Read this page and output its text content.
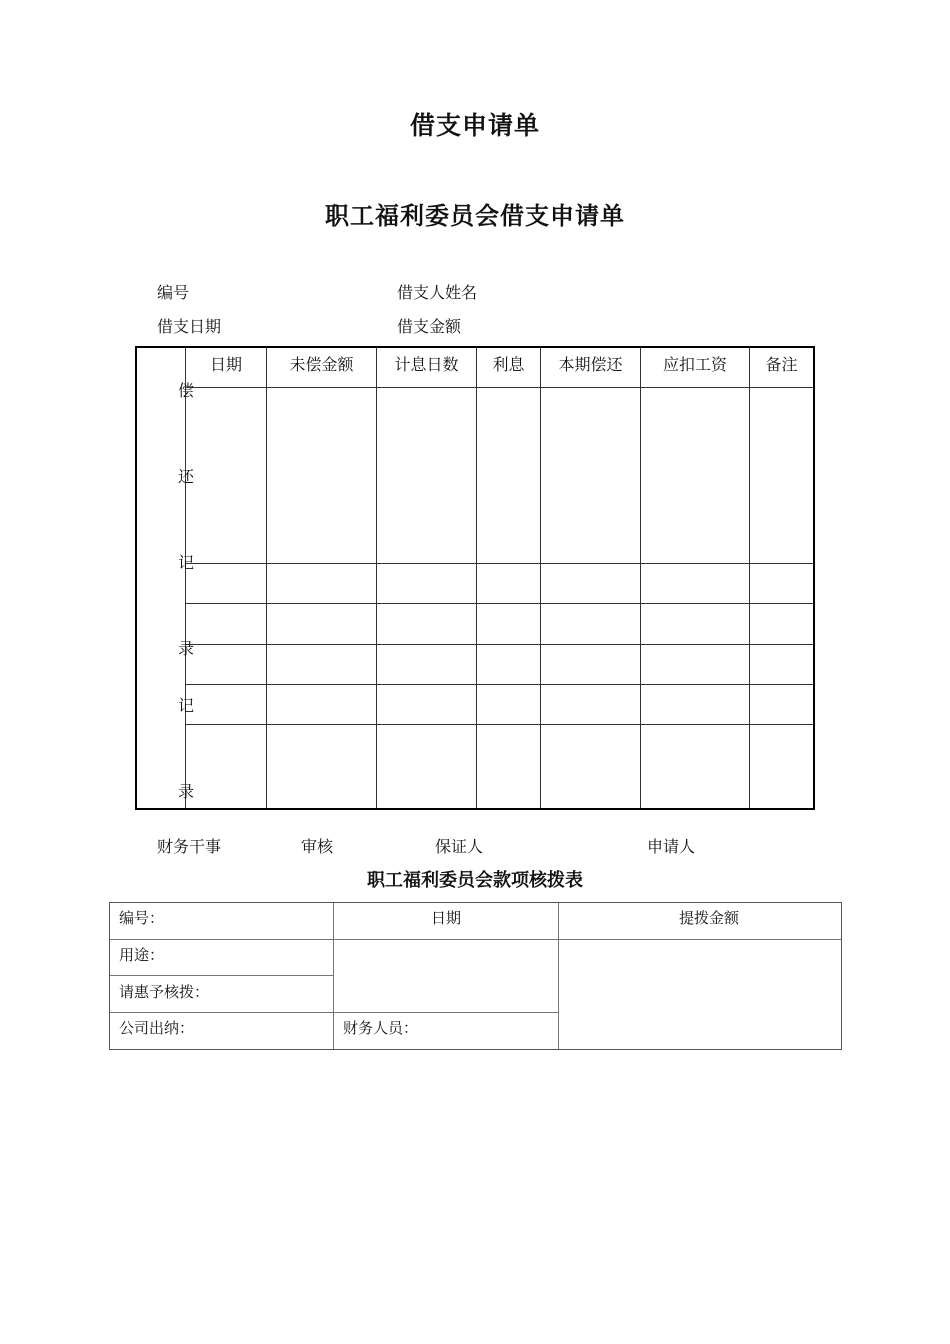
借支申请单
职工福利委员会借支申请单
编号	借支人姓名
借支日期	借支金额
日期	未偿金额	计息日数	利息	本期偿还	应扣工资	备注
偿
还
记
录
记
录
财务干事	审核	保证人	申请人
职工福利委员会款项核拨表
编号：	日期	提拨金额
用途：
请惠予核拨：
公司出纳：	财务人员：
